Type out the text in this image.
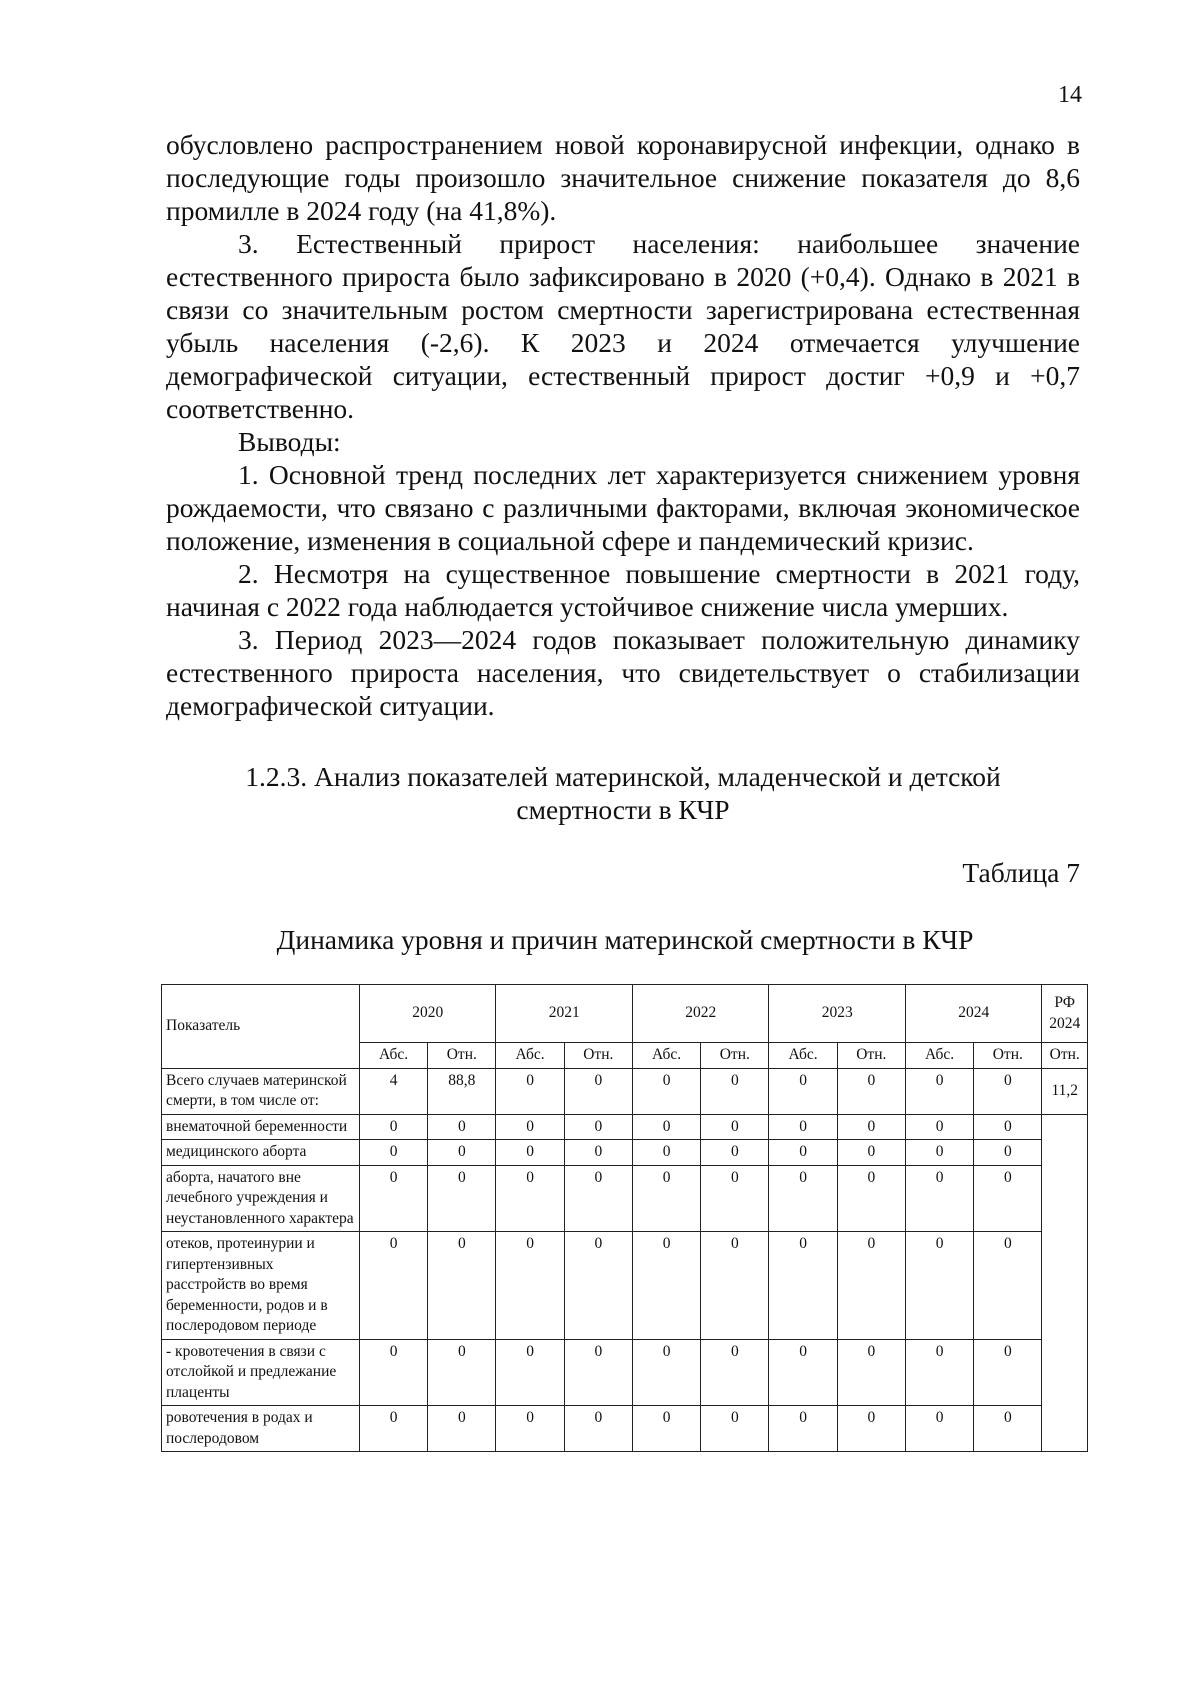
14

обусловлено распространением новой коронавирусной инфекции, однако в последующие годы произошло значительное снижение показателя до 8,6 промилле в 2024 году (на 41,8%).

3. Естественный прирост населения: наибольшее значение естественного прироста было зафиксировано в 2020 (+0,4). Однако в 2021 в связи со значительным ростом смертности зарегистрирована естественная убыль населения (-2,6). К 2023 и 2024 отмечается улучшение демографической ситуации, естественный прирост достиг +0,9 и +0,7 соответственно.

Выводы:

1. Основной тренд последних лет характеризуется снижением уровня рождаемости, что связано с различными факторами, включая экономическое положение, изменения в социальной сфере и пандемический кризис.

2. Несмотря на существенное повышение смертности в 2021 году, начиная с 2022 года наблюдается устойчивое снижение числа умерших.

3. Период 2023—2024 годов показывает положительную динамику естественного прироста населения, что свидетельствует о стабилизации демографической ситуации.

1.2.3. Анализ показателей материнской, младенческой и детской
смертности в КЧР
Таблица 7
Динамика уровня и причин материнской смертности в КЧР
Показатель	2020		2021		2022		2023		2024		РФ
2024

	Абс.	Отн.	Абс.	Отн.	Абс.	Отн.	Абс.	Отн.	Абс.	Отн.	Отн.
Всего случаев материнской смерти, в том числе от:	4	88,8	0	0	0	0	0	0	0	0	11,2
внематочной беременности	0	0	0	0	0	0	0	0	0	0	
медицинского аборта	0	0	0	0	0	0	0	0	0	0	
аборта, начатого вне лечебного учреждения и неустановленного характера	0	0	0	0	0	0	0	0	0	0	
отеков, протеинурии и гипертензивных расстройств во время беременности, родов и в послеродовом периоде	0	0	0	0	0	0	0	0	0	0	
- кровотечения в связи с отслойкой и предлежание плаценты	0	0	0	0	0	0	0	0	0	0	
ровотечения в родах и послеродовом	0	0	0	0	0	0	0	0	0	0	
